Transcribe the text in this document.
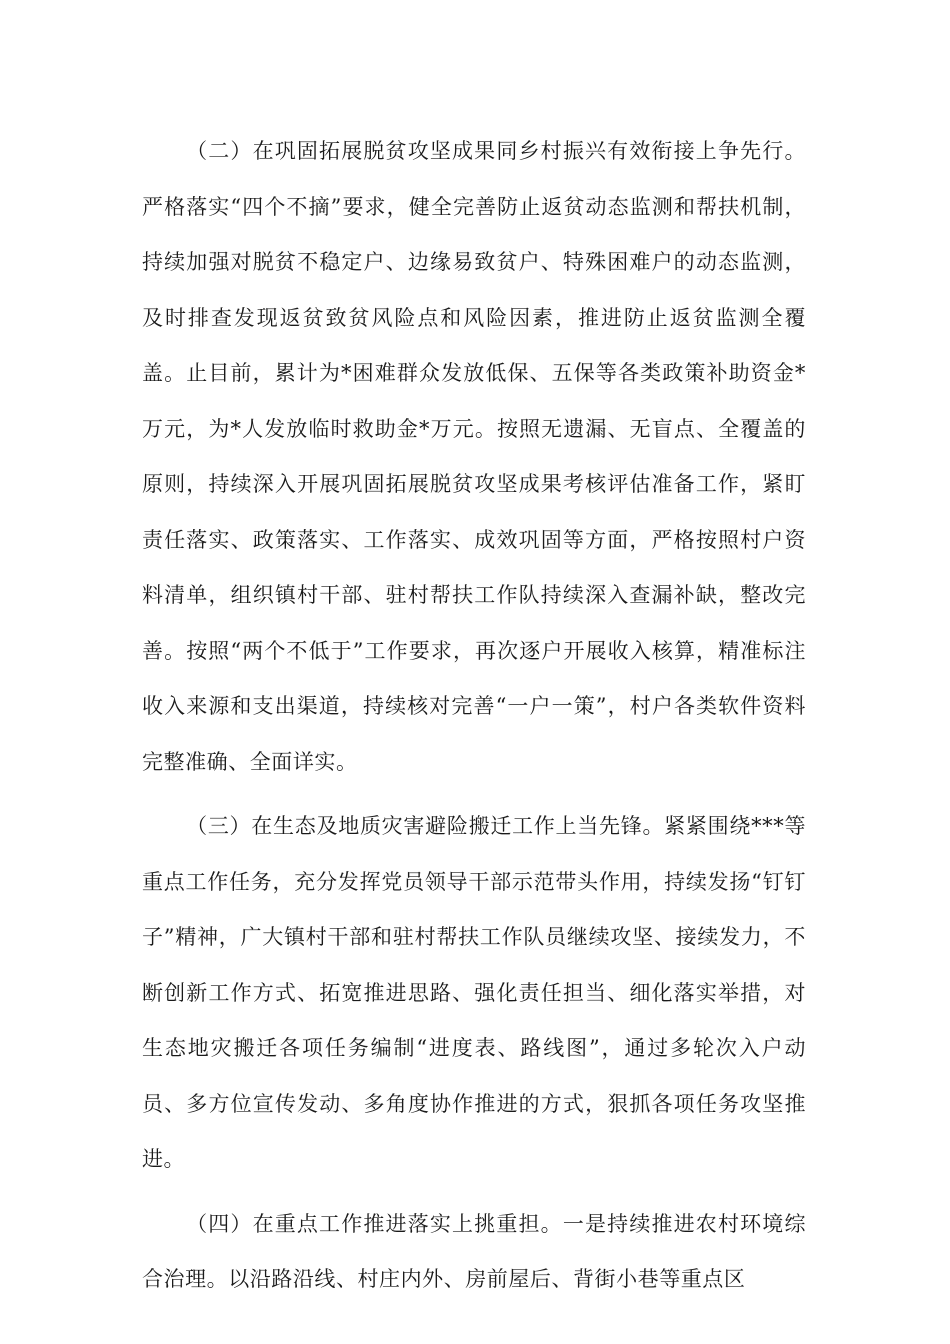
（二）在巩固拓展脱贫攻坚成果同乡村振兴有效衔接上争先行。严格落实“四个不摘”要求，健全完善防止返贫动态监测和帮扶机制，持续加强对脱贫不稳定户、边缘易致贫户、特殊困难户的动态监测，及时排查发现返贫致贫风险点和风险因素，推进防止返贫监测全覆盖。止目前，累计为*困难群众发放低保、五保等各类政策补助资金*万元，为*人发放临时救助金*万元。按照无遗漏、无盲点、全覆盖的原则，持续深入开展巩固拓展脱贫攻坚成果考核评估准备工作，紧盯责任落实、政策落实、工作落实、成效巩固等方面，严格按照村户资料清单，组织镇村干部、驻村帮扶工作队持续深入查漏补缺，整改完善。按照“两个不低于”工作要求，再次逐户开展收入核算，精准标注收入来源和支出渠道，持续核对完善“一户一策”，村户各类软件资料完整准确、全面详实。

（三）在生态及地质灾害避险搬迁工作上当先锋。紧紧围绕***等重点工作任务，充分发挥党员领导干部示范带头作用，持续发扬“钉钉子”精神，广大镇村干部和驻村帮扶工作队员继续攻坚、接续发力，不断创新工作方式、拓宽推进思路、强化责任担当、细化落实举措，对生态地灾搬迁各项任务编制“进度表、路线图”，通过多轮次入户动员、多方位宣传发动、多角度协作推进的方式，狠抓各项任务攻坚推进。

（四）在重点工作推进落实上挑重担。一是持续推进农村环境综合治理。以沿路沿线、村庄内外、房前屋后、背街小巷等重点区
